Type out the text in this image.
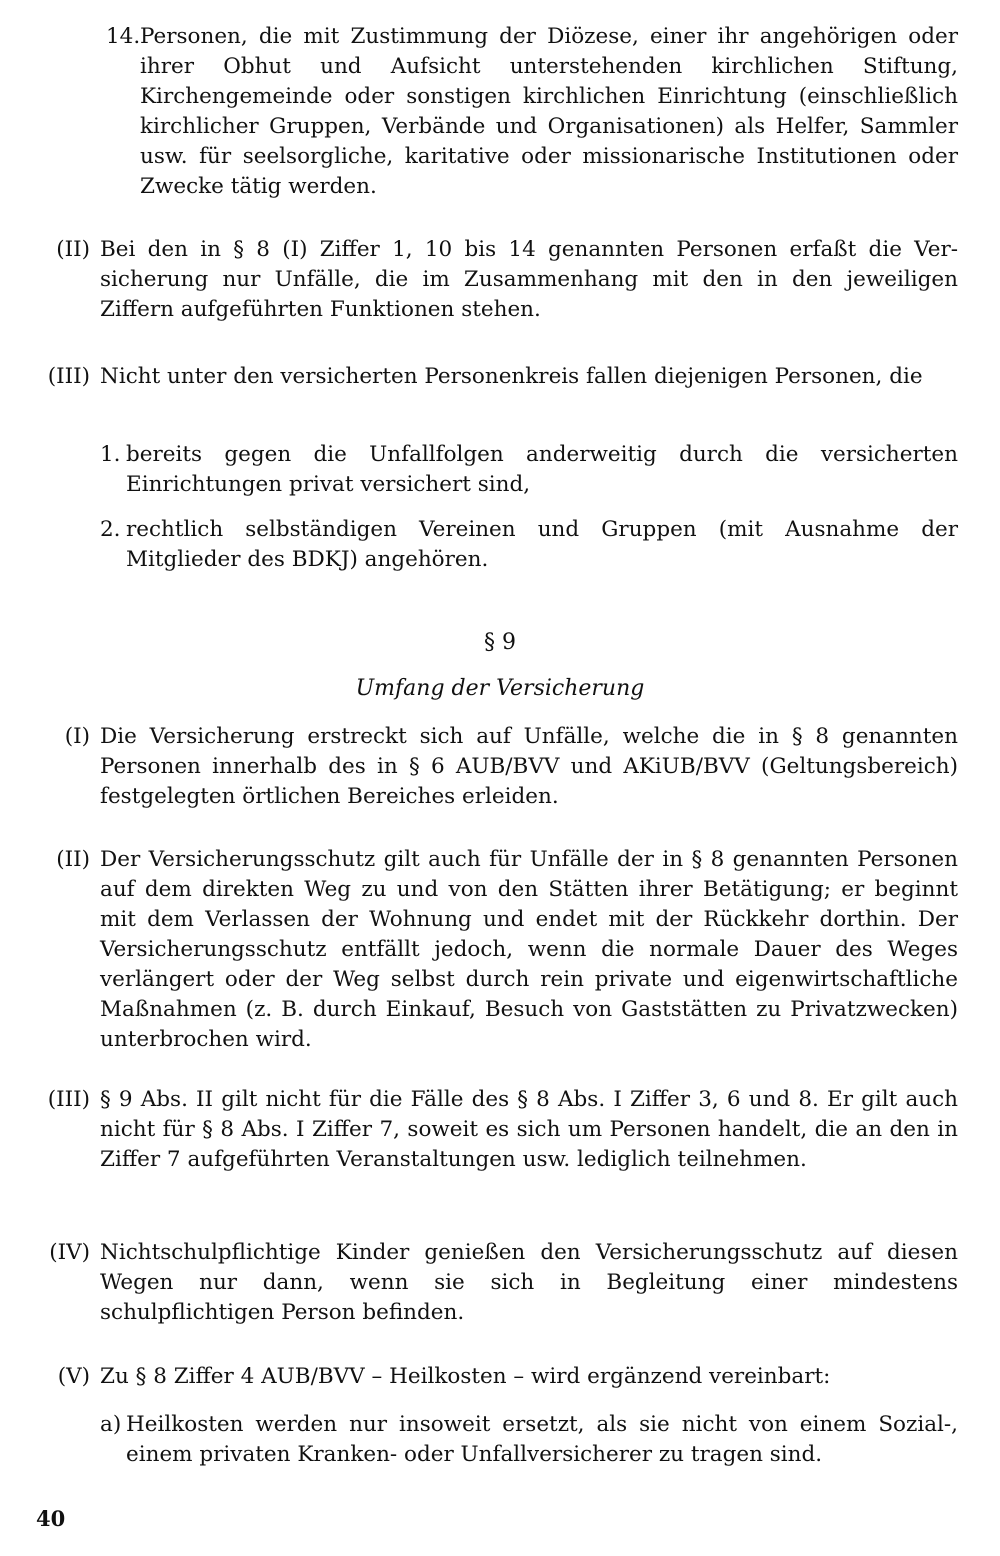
14. Personen, die mit Zustimmung der Diözese, einer ihr angehörigen oder ihrer Obhut und Aufsicht unterstehenden kirchlichen Stiftung, Kirchengemeinde oder sonstigen kirchlichen Einrichtung (einschließlich kirchlicher Gruppen, Verbände und Organisationen) als Helfer, Sammler usw. für seelsorgliche, karitative oder missionarische Institutionen oder Zwecke tätig werden.
(II) Bei den in § 8 (I) Ziffer 1, 10 bis 14 genannten Personen erfaßt die Versicherung nur Unfälle, die im Zusammenhang mit den in den jeweiligen Ziffern aufgeführten Funktionen stehen.
(III) Nicht unter den versicherten Personenkreis fallen diejenigen Personen, die
1. bereits gegen die Unfallfolgen anderweitig durch die versicherten Einrichtungen privat versichert sind,
2. rechtlich selbständigen Vereinen und Gruppen (mit Ausnahme der Mitglieder des BDKJ) angehören.
§ 9
Umfang der Versicherung
(I) Die Versicherung erstreckt sich auf Unfälle, welche die in § 8 genannten Personen innerhalb des in § 6 AUB/BVV und AKiUB/BVV (Geltungsbereich) festgelegten örtlichen Bereiches erleiden.
(II) Der Versicherungsschutz gilt auch für Unfälle der in § 8 genannten Personen auf dem direkten Weg zu und von den Stätten ihrer Betätigung; er beginnt mit dem Verlassen der Wohnung und endet mit der Rückkehr dorthin. Der Versicherungsschutz entfällt jedoch, wenn die normale Dauer des Weges verlängert oder der Weg selbst durch rein private und eigenwirtschaftliche Maßnahmen (z. B. durch Einkauf, Besuch von Gaststätten zu Privatzwecken) unterbrochen wird.
(III) § 9 Abs. II gilt nicht für die Fälle des § 8 Abs. I Ziffer 3, 6 und 8. Er gilt auch nicht für § 8 Abs. I Ziffer 7, soweit es sich um Personen handelt, die an den in Ziffer 7 aufgeführten Veranstaltungen usw. lediglich teilnehmen.
(IV) Nichtschulpflichtige Kinder genießen den Versicherungsschutz auf diesen Wegen nur dann, wenn sie sich in Begleitung einer mindestens schulpflichtigen Person befinden.
(V) Zu § 8 Ziffer 4 AUB/BVV – Heilkosten – wird ergänzend vereinbart:
a) Heilkosten werden nur insoweit ersetzt, als sie nicht von einem Sozial-, einem privaten Kranken- oder Unfallversicherer zu tragen sind.
40
